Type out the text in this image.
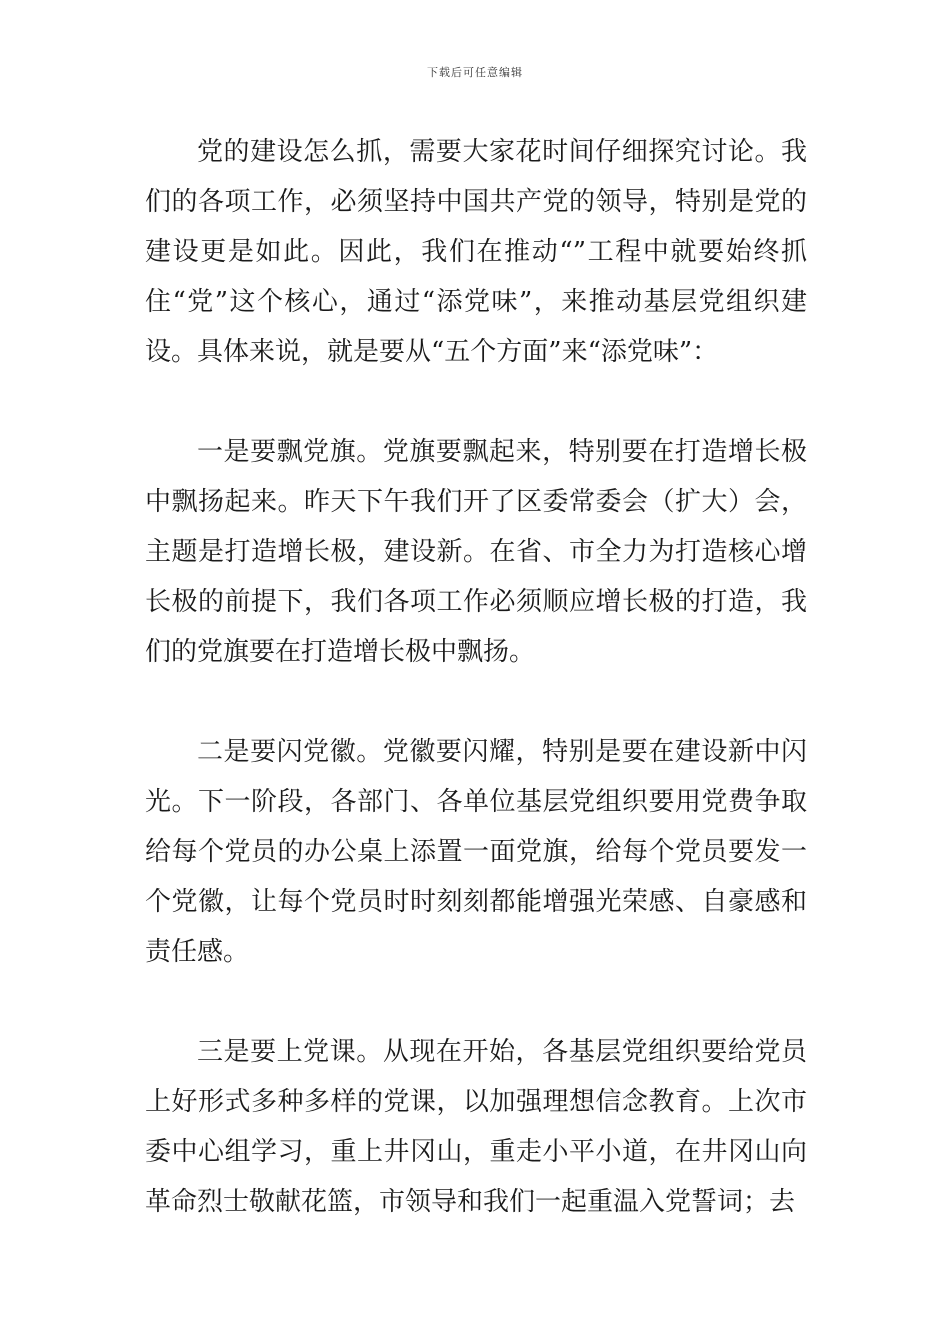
下载后可任意编辑

党的建设怎么抓，需要大家花时间仔细探究讨论。我们的各项工作，必须坚持中国共产党的领导，特别是党的建设更是如此。因此，我们在推动“”工程中就要始终抓住“党”这个核心，通过“添党味”，来推动基层党组织建设。具体来说，就是要从“五个方面”来“添党味”：

一是要飘党旗。党旗要飘起来，特别要在打造增长极中飘扬起来。昨天下午我们开了区委常委会（扩大）会，主题是打造增长极，建设新。在省、市全力为打造核心增长极的前提下，我们各项工作必须顺应增长极的打造，我们的党旗要在打造增长极中飘扬。

二是要闪党徽。党徽要闪耀，特别是要在建设新中闪光。下一阶段，各部门、各单位基层党组织要用党费争取给每个党员的办公桌上添置一面党旗，给每个党员要发一个党徽，让每个党员时时刻刻都能增强光荣感、自豪感和责任感。

三是要上党课。从现在开始，各基层党组织要给党员上好形式多种多样的党课，以加强理想信念教育。上次市委中心组学习，重上井冈山，重走小平小道，在井冈山向革命烈士敬献花篮，市领导和我们一起重温入党誓词；去
